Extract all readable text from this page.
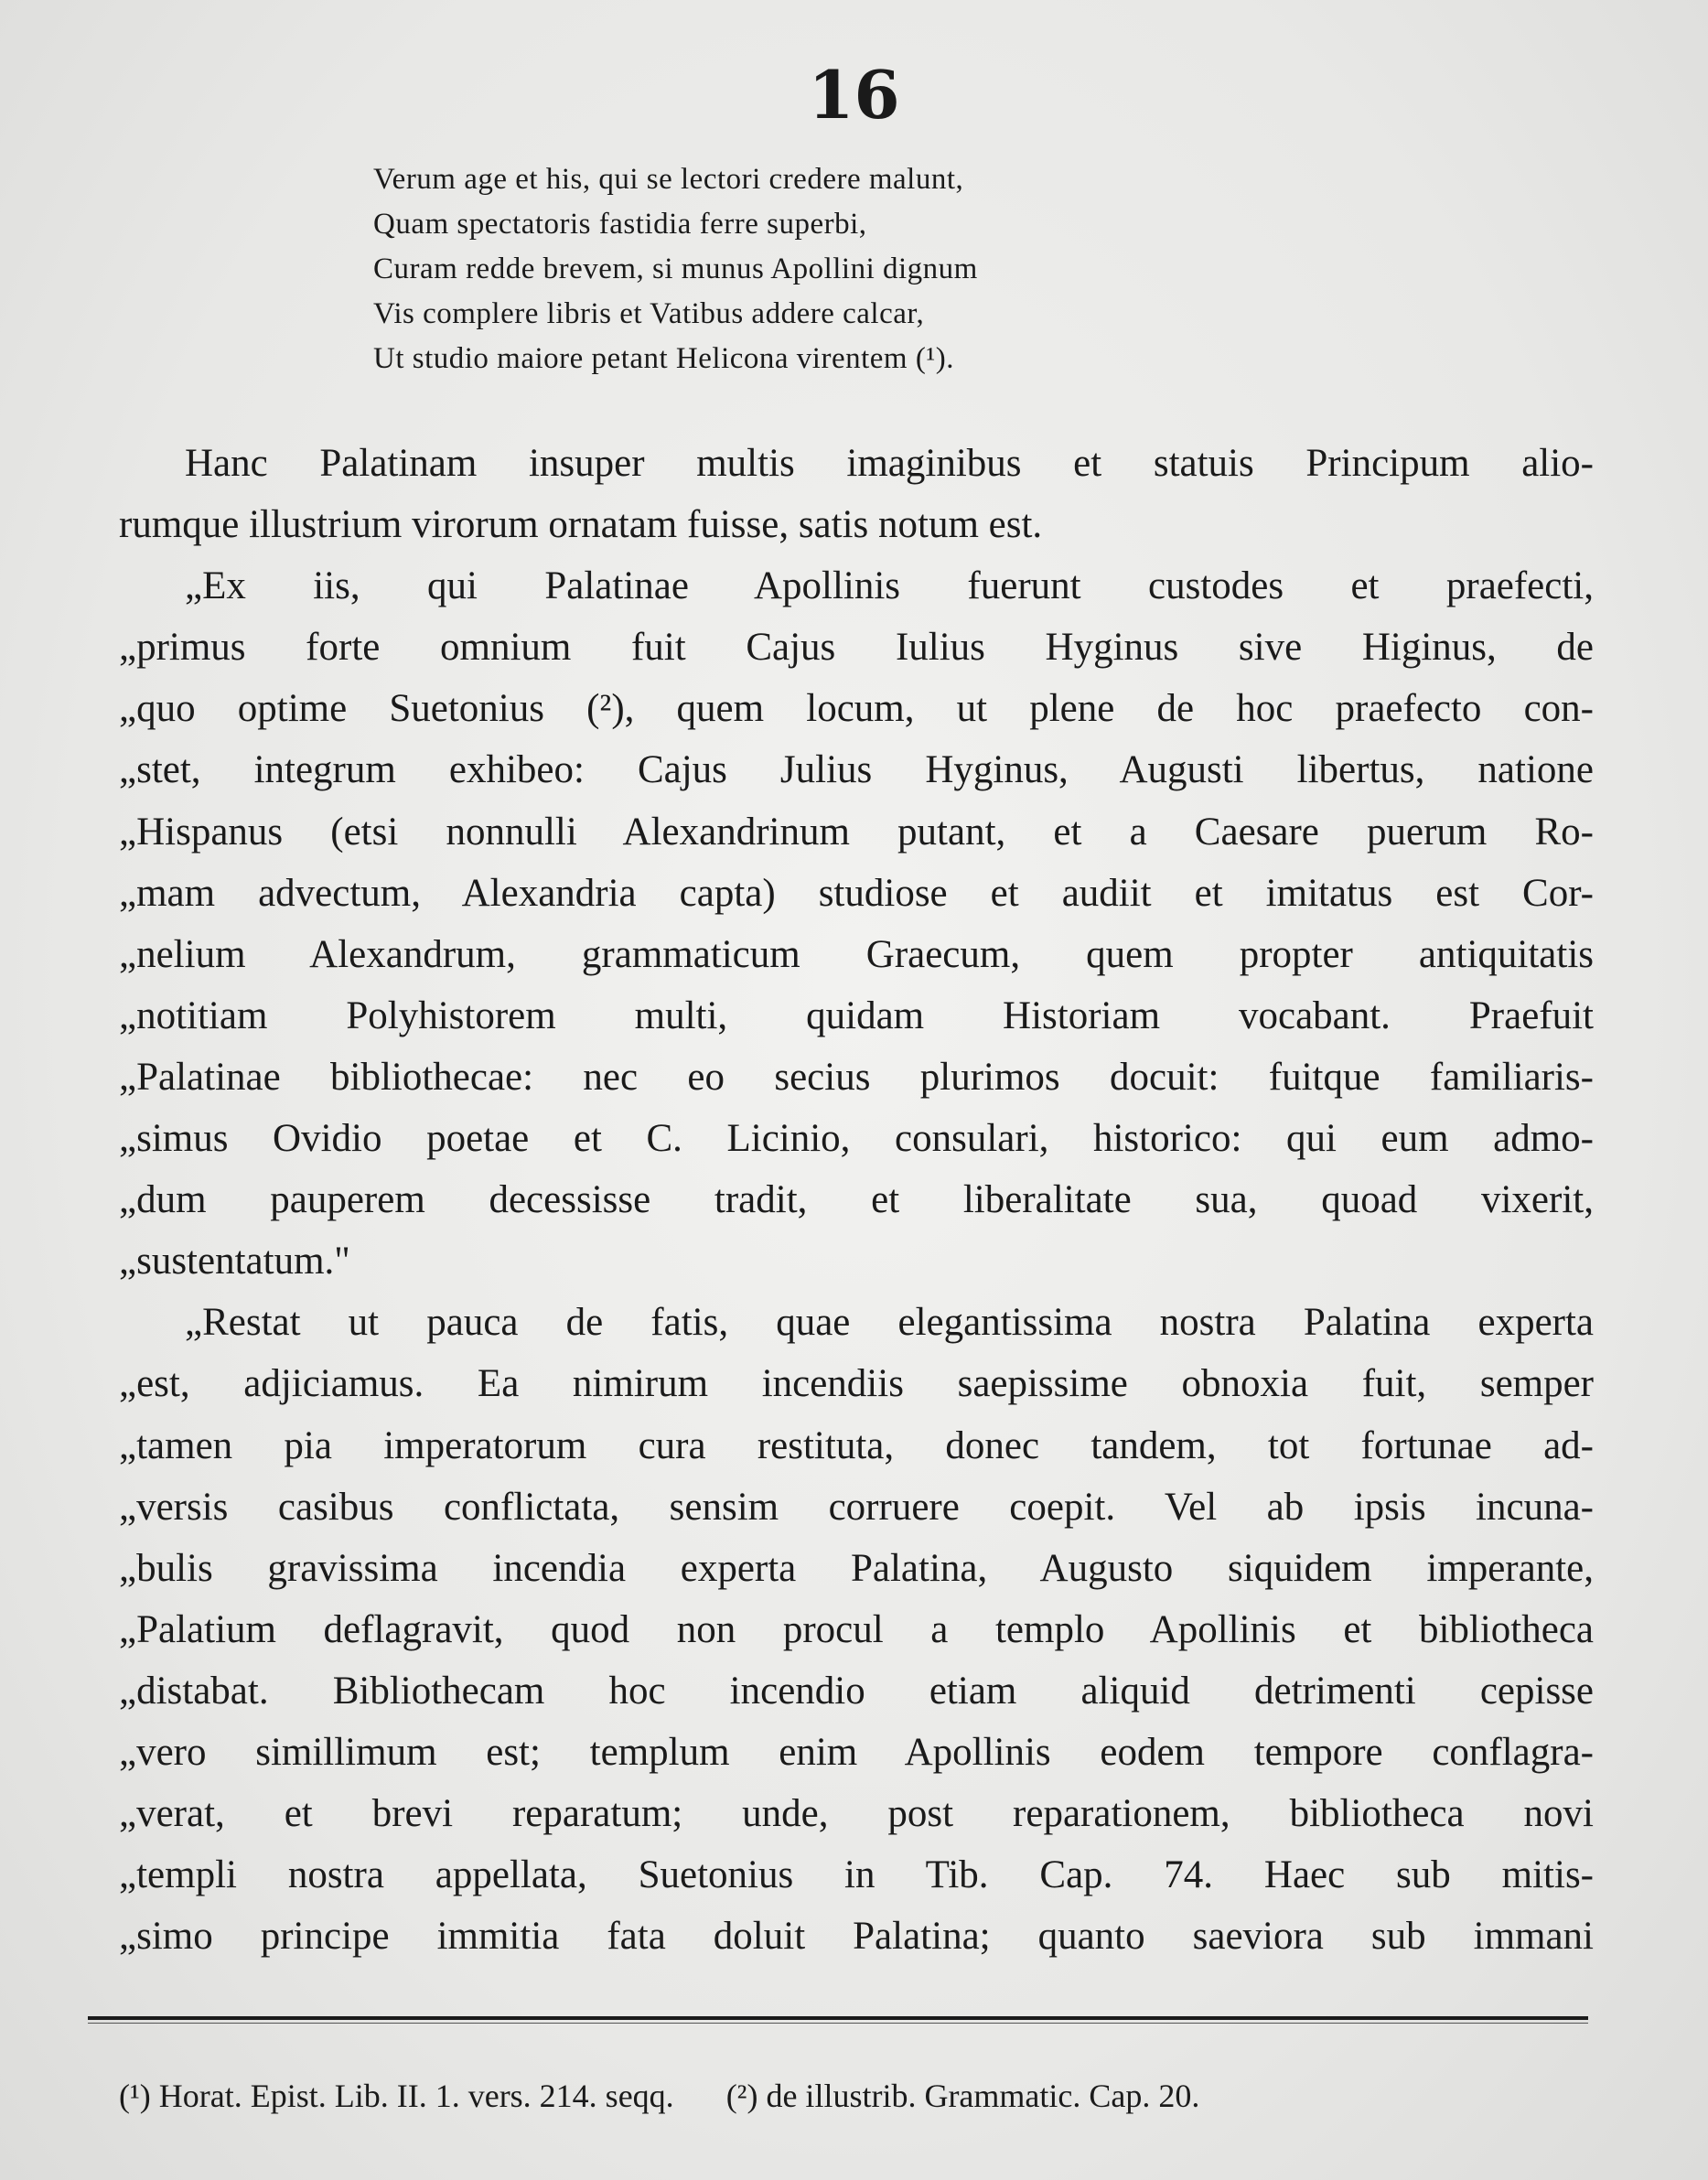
16
Verum age et his, qui se lectori credere malunt,
Quam spectatoris fastidia ferre superbi,
Curam redde brevem, si munus Apollini dignum
Vis complere libris et Vatibus addere calcar,
Ut studio maiore petant Helicona virentem (¹).
Hanc Palatinam insuper multis imaginibus et statuis Principum alio-
rumque illustrium virorum ornatam fuisse, satis notum est.
„Ex iis, qui Palatinae Apollinis fuerunt custodes et praefecti,
„primus forte omnium fuit Cajus Iulius Hyginus sive Higinus, de
„quo optime Suetonius (²), quem locum, ut plene de hoc praefecto con-
„stet, integrum exhibeo: Cajus Julius Hyginus, Augusti libertus, natione
„Hispanus (etsi nonnulli Alexandrinum putant, et a Caesare puerum Ro-
„mam advectum, Alexandria capta) studiose et audiit et imitatus est Cor-
„nelium Alexandrum, grammaticum Graecum, quem propter antiquitatis
„notitiam Polyhistorem multi, quidam Historiam vocabant. Praefuit
„Palatinae bibliothecae: nec eo secius plurimos docuit: fuitque familiaris-
„simus Ovidio poetae et C. Licinio, consulari, historico: qui eum admo-
„dum pauperem decessisse tradit, et liberalitate sua, quoad vixerit,
„sustentatum."
„Restat ut pauca de fatis, quae elegantissima nostra Palatina experta
„est, adjiciamus. Ea nimirum incendiis saepissime obnoxia fuit, semper
„tamen pia imperatorum cura restituta, donec tandem, tot fortunae ad-
„versis casibus conflictata, sensim corruere coepit. Vel ab ipsis incuna-
„bulis gravissima incendia experta Palatina, Augusto siquidem imperante,
„Palatium deflagravit, quod non procul a templo Apollinis et bibliotheca
„distabat. Bibliothecam hoc incendio etiam aliquid detrimenti cepisse
„vero simillimum est; templum enim Apollinis eodem tempore conflagra-
„verat, et brevi reparatum; unde, post reparationem, bibliotheca novi
„templi nostra appellata, Suetonius in Tib. Cap. 74. Haec sub mitis-
„simo principe immitia fata doluit Palatina; quanto saeviora sub immani
(¹) Horat. Epist. Lib. II. 1. vers. 214. seqq. (²) de illustrib. Grammatic. Cap. 20.
